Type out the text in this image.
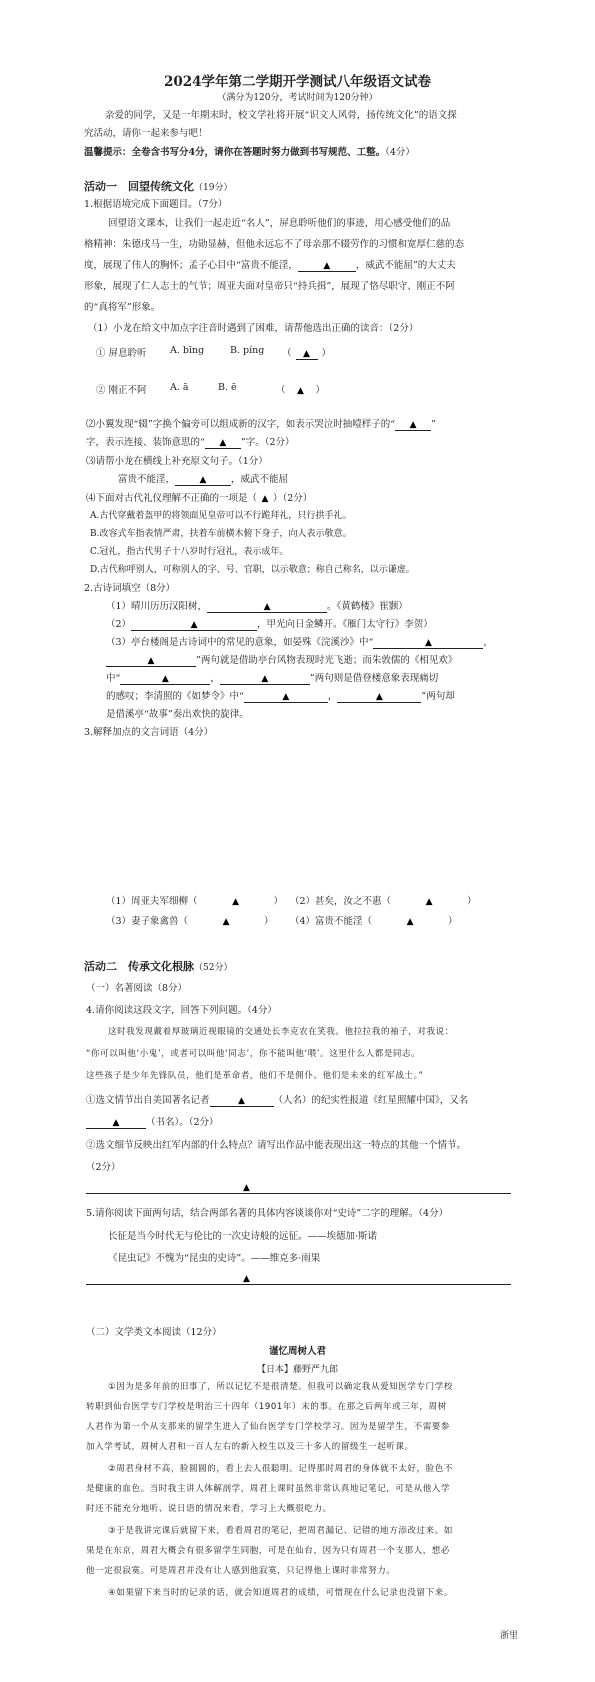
2024学年第二学期开学测试八年级语文试卷
（满分为120分，考试时间为120分钟）
亲爱的同学，又是一年期末时，校文学社将开展“识文人风骨，扬传统文化”的语文探
究活动，请你一起来参与吧！
温馨提示：全卷含书写分4分，请你在答题时努力做到书写规范、工整。（4分）
活动一　回望传统文化（19分）
1.根据语境完成下面题目。（7分）
回望语文课本，让我们一起走近“名人”，屏息聆听他们的事迹，用心感受他们的品
格精神：朱德戌马一生，功勋显赫，但他永远忘不了母亲那不辍劳作的习惯和宽厚仁慈的态
度，展现了伟人的胸怀；孟子心目中“富贵不能淫，	▲	，威武不能屈”的大丈夫
形象，展现了仁人志士的气节；周亚夫面对皇帝只“持兵揖”，展现了恪尽职守、刚正不阿
的“真将军”形象。
（1）小龙在给文中加点字注音时遇到了困难，请帮他选出正确的读音：（2分）
① 屏息聆听 A. bīng	B. píng （ ▲ ）
② 刚正不阿 A. ā	B. ē	（ ▲ ）
⑵小翼发现“辍”字换个偏旁可以组成新的汉字，如表示哭泣时抽噎样子的“ ▲ ”
字，表示连接、装饰意思的“ ▲ ”字。（2分）
⑶请帮小龙在横线上补充原文句子。（1分）
富贵不能淫，	▲	，威武不能屈
⑷下面对古代礼仪理解不正确的一项是（ ▲ ）（2分）
A.古代穿戴着盔甲的将领面见皇帝可以不行跪拜礼，只行拱手礼。
B.改容式车指表情严肃，扶着车前横木俯下身子，向人表示敬意。
C.冠礼，指古代男子十八岁时行冠礼，表示成年。
D.古代称呼别人，可称别人的字、号、官职，以示敬意；称自己称名，以示谦虚。
2.古诗词填空（8分）
（1）晴川历历汉阳树，	▲	。《黄鹤楼》崔颢）
（2）	▲	，甲光向日金鳞开。《雁门太守行》李贺）
（3）亭台楼阁是古诗词中的常见的意象，如晏殊《浣溪沙》中“	▲	，
▲	”两句就是借助亭台风物表现时光飞逝；而朱敦儒的《相见欢》
中“	▲	，	▲	”两句则是借登楼意象表现痛切
的感叹；李清照的《如梦令》中“	▲	，	▲	”两句却
是借溪亭“故事”奏出欢快的旋律。
3.解释加点的文言词语（4分）
（1）周亚夫军细柳（	▲	） （2）甚矣，汝之不惠（	▲	）
（3）妻子象禽兽（	▲	） （4）富贵不能淫（	▲	）
活动二　传承文化根脉（52分）
（一）名著阅读（8分）
4.请你阅读这段文字，回答下列问题。（4分）
这时我发现戴着厚玻璃近视眼镜的交通处长李克农在笑我。他拉拉我的袖子，对我说：
“你可以叫他‘小鬼’，或者可以叫他‘同志’，你不能叫他‘喂’。这里什么人都是同志。
这些孩子是少年先锋队员，他们是革命者，他们不是佣仆。他们是未来的红军战士。”
①选文情节出自美国著名记者	▲	（人名）的纪实性报道《红星照耀中国》，又名
▲	（书名）。（2分）
②选文细节反映出红军内部的什么特点？请写出作品中能表现出这一特点的其他一个情节。
（2分）
▲
5.请你阅读下面两句话，结合两部名著的具体内容谈谈你对“史诗”二字的理解。（4分）
长征是当今时代无与伦比的一次史诗般的远征。——埃德加·斯诺
《昆虫记》不愧为“昆虫的史诗”。——维克多·雨果
▲
（二）文学类文本阅读（12分）
谨忆周树人君
【日本】藤野严九郎
①因为是多年前的旧事了，所以记忆不是很清楚。但我可以确定我从爱知医学专门学校
转职到仙台医学专门学校是明治三十四年（1901年）末的事。在那之后两年或三年，周树
人君作为第一个从支那来的留学生进入了仙台医学专门学校学习。因为是留学生，不需要参
加入学考试，周树人君和一百人左右的新入校生以及三十多人的留级生一起听课。
②周君身材不高，脸圆圆的，看上去人很聪明。记得那时周君的身体就不太好，脸色不
是健康的血色。当时我主讲人体解剖学，周君上课时虽然非常认真地记笔记，可是从他入学
时还不能充分地听、说日语的情况来看，学习上大概很吃力。
③于是我讲完课后就留下来，看看周君的笔记，把周君漏记、记错的地方添改过来。如
果是在东京，周君大概会有很多留学生同胞，可是在仙台，因为只有周君一个支那人，想必
他一定很寂寞。可是周君并没有让人感到他寂寞，只记得他上课时非常努力。
④如果留下来当时的记录的话，就会知道周君的成绩，可惜现在什么记录也没留下来。
浙里
